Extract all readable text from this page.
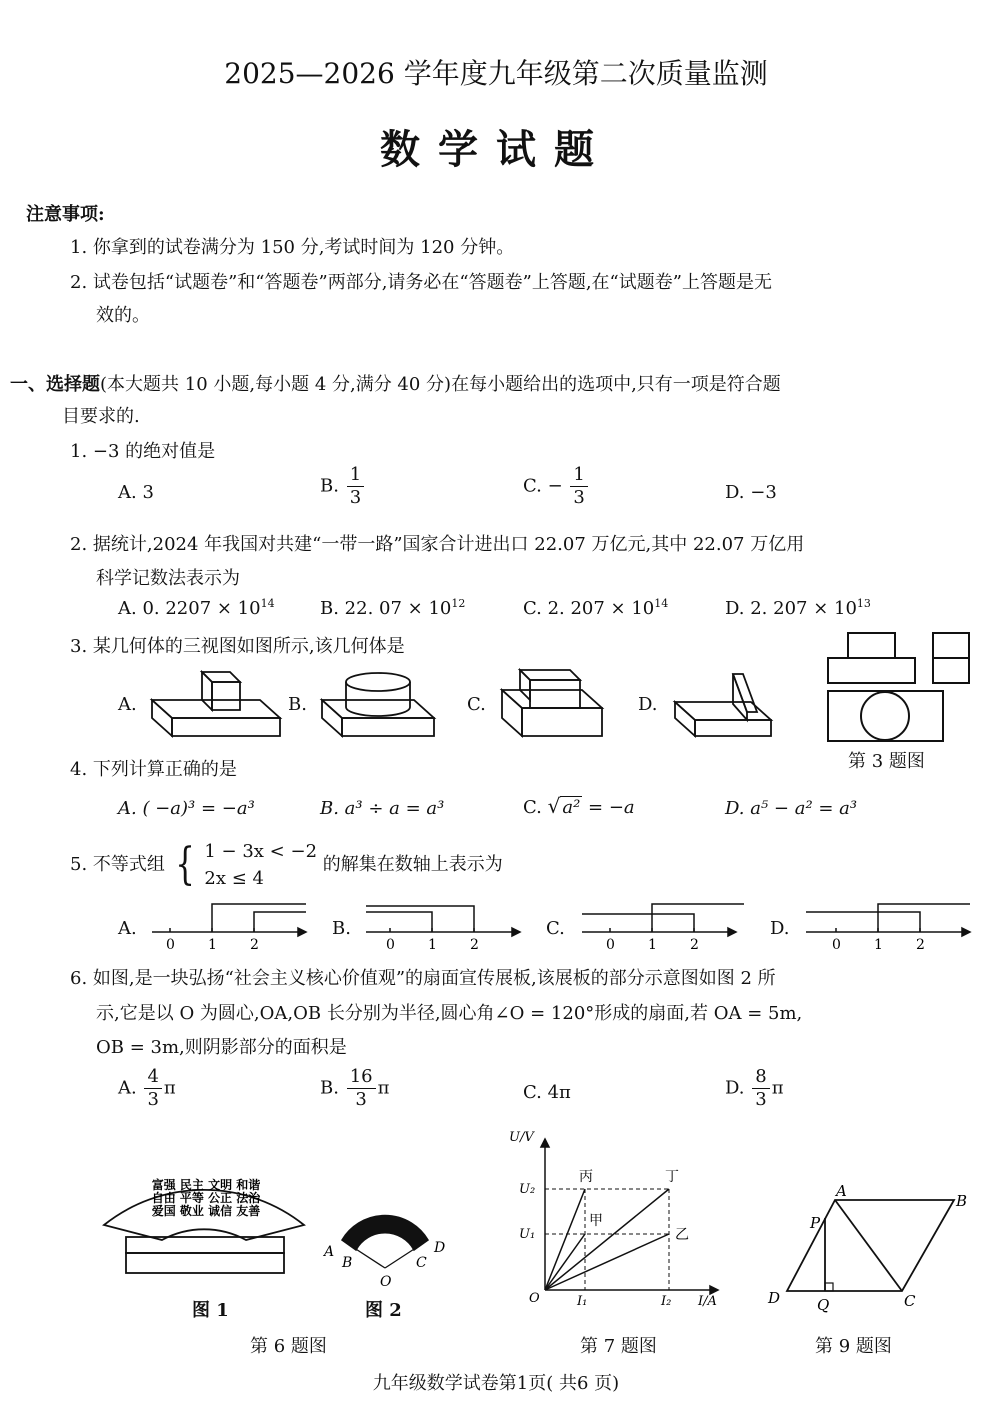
2025—2026 学年度九年级第二次质量监测
数学试题
注意事项:
1. 你拿到的试卷满分为 150 分,考试时间为 120 分钟。
2. 试卷包括“试题卷”和“答题卷”两部分,请务必在“答题卷”上答题,在“试题卷”上答题是无
效的。
一、选择题(本大题共 10 小题,每小题 4 分,满分 40 分)在每小题给出的选项中,只有一项是符合题
目要求的.
1. −3 的绝对值是
A. 3	B. $\frac{1}{3}$	C. − $\frac{1}{3}$	D. −3
2. 据统计,2024 年我国对共建“一带一路”国家合计进出口 22.07 万亿元,其中 22.07 万亿用
科学记数法表示为
A. 0. $2207 \times 10^{14}$	B. 22. $07 \times 10^{12}$	C. 2. $207 \times 10^{14}$	D. 2. $207 \times 10^{13}$
3. 某几何体的三视图如图所示,该几何体是
A.	B.	C.	D.
第 3 题图
4. 下列计算正确的是
A. ( −a)³ = −a³	B. a³ ÷ a = a³	C. √ a² = −a	D. a⁵ − a² = a³
5. 不等式组 { 1 − 3x < −2
2x ≤ 4
的解集在数轴上表示为
A.	B.	C.	D.
0 1 2	0 1 2	0 1 2	0 1 2
6. 如图,是一块弘扬“社会主义核心价值观”的扇面宣传展板,该展板的部分示意图如图 2 所
示,它是以 O 为圆心,OA,OB 长分别为半径,圆心角∠O = 120°形成的扇面,若 OA = 5m,
OB = 3m,则阴影部分的面积是
A. $\frac{4}{3}$ π	B. $\frac{16}{3}$ π	C. 4π	D. $\frac{8}{3}$ π
富强 民主 文明 和谐
自由 平等 公正 法治
爱国 敬业 诚信 友善
图 1
A
B	C
D
O
图 2
第 6 题图
U/V
I/A
U₂
U₁
I₁	I₂
O
丙	丁
甲
乙
第 7 题图
A
B
P
D Q	C
第 9 题图
九年级数学试卷第1页( 共6 页)
